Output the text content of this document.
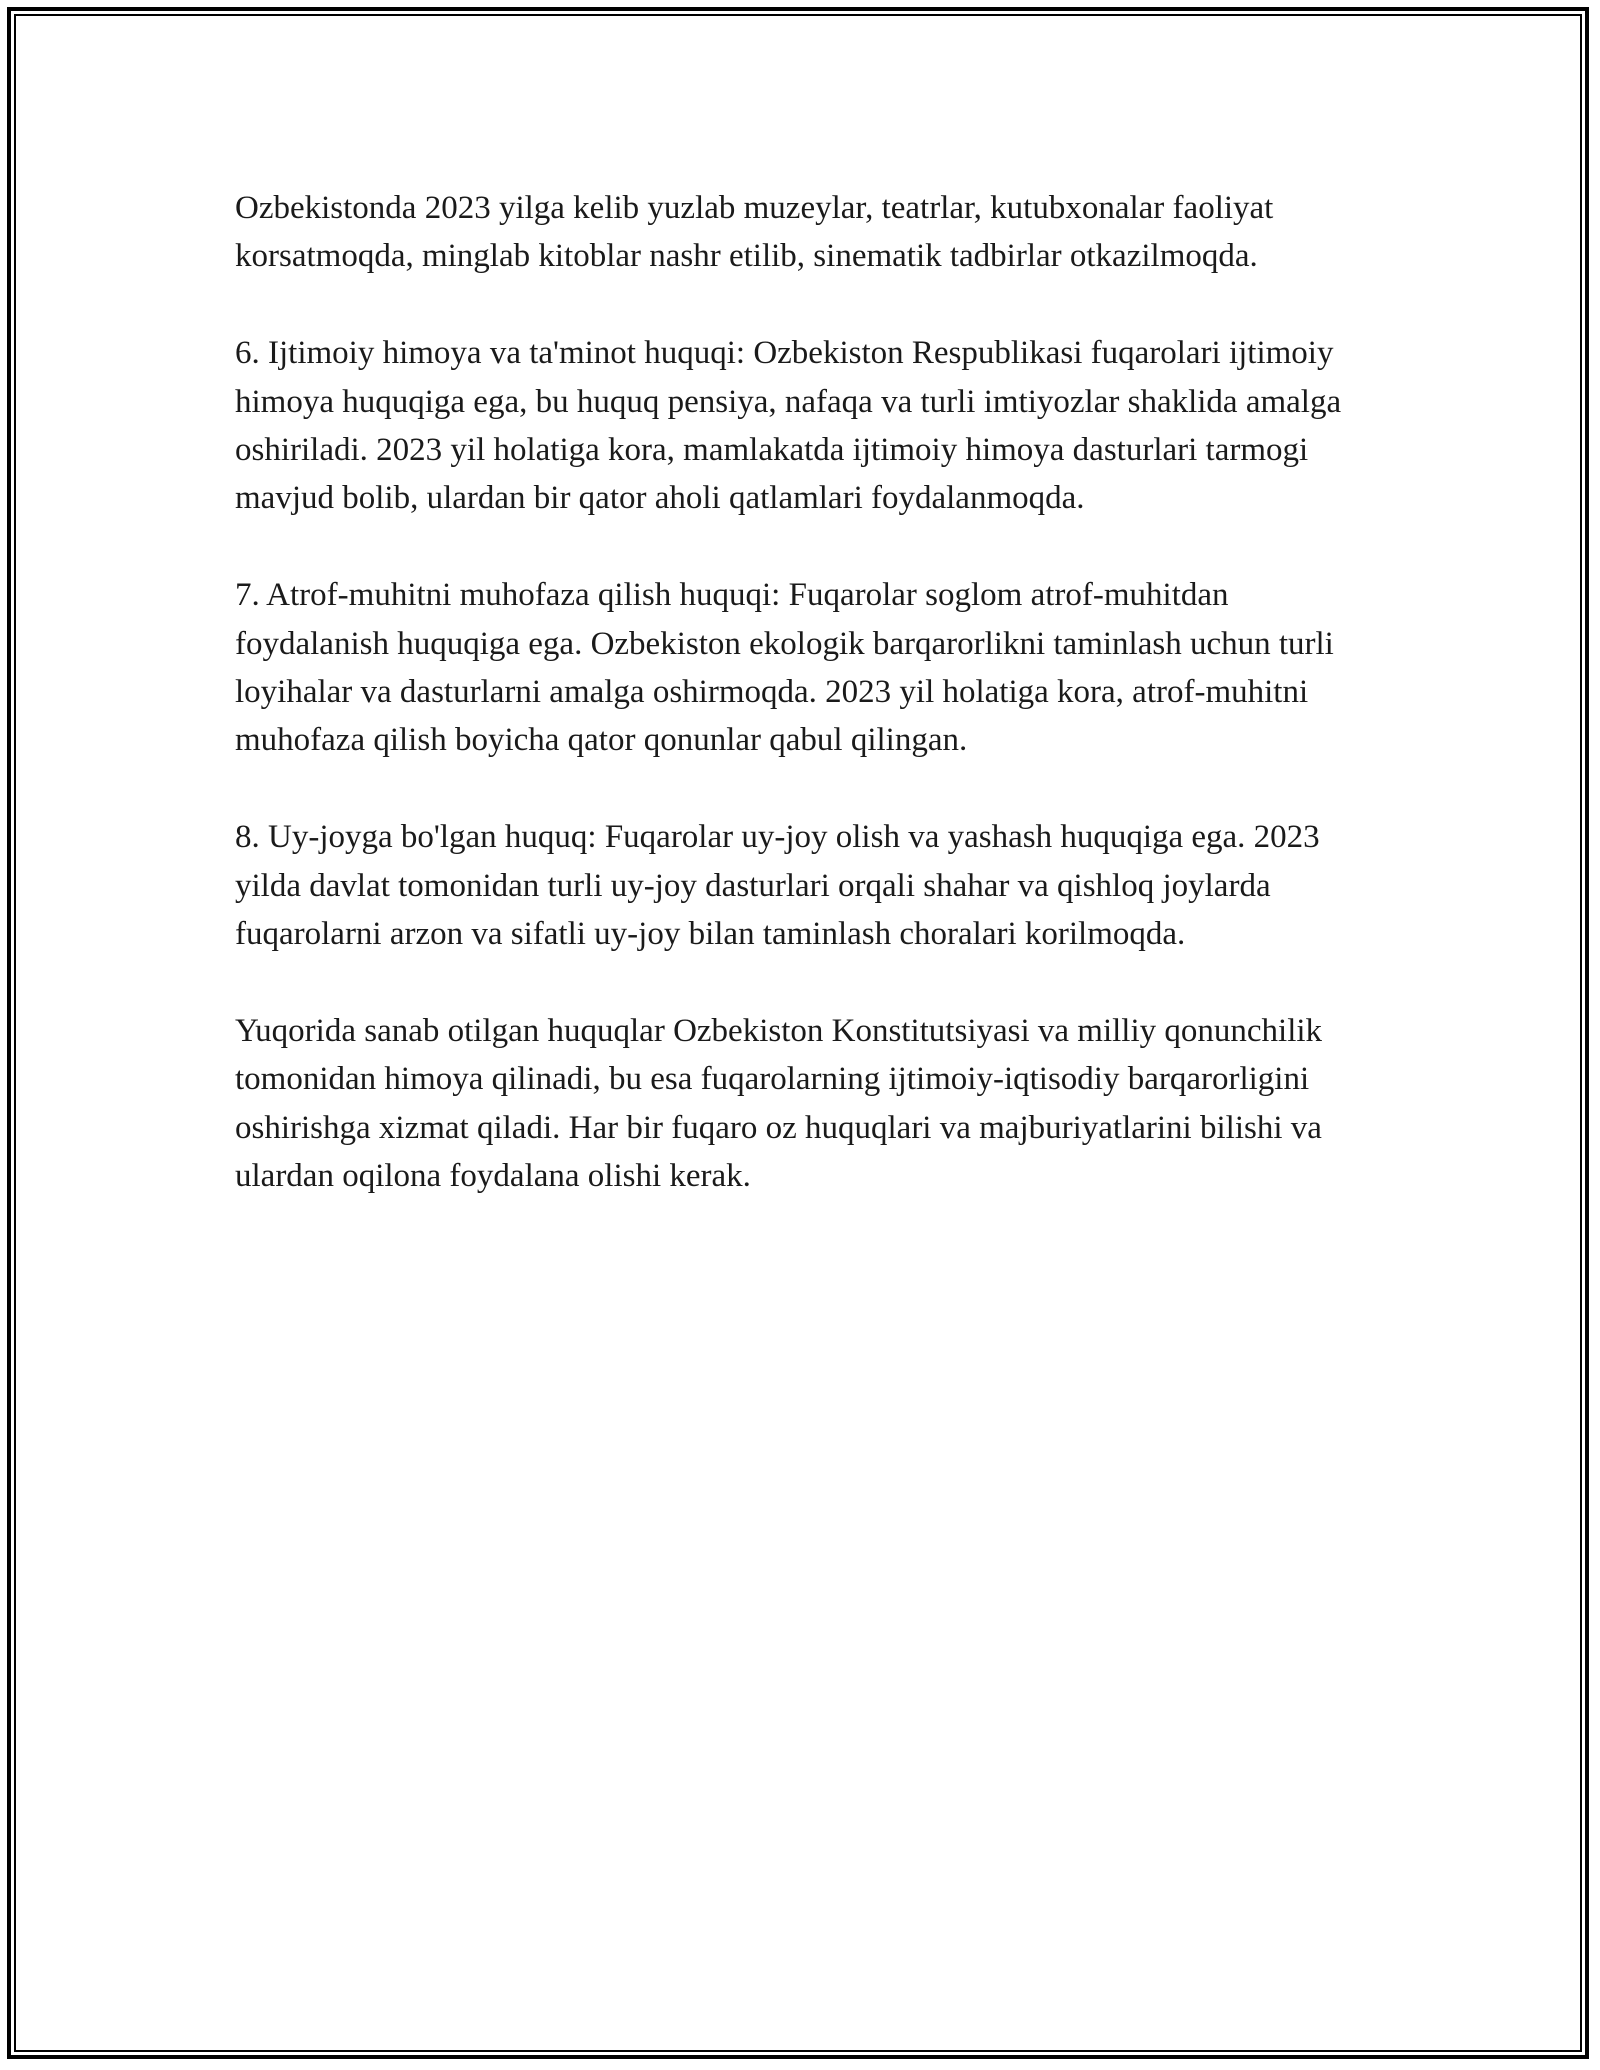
Ozbekistonda 2023 yilga kelib yuzlab muzeylar, teatrlar, kutubxonalar faoliyat korsatmoqda, minglab kitoblar nashr etilib, sinematik tadbirlar otkazilmoqda.

6. Ijtimoiy himoya va ta'minot huquqi: Ozbekiston Respublikasi fuqarolari ijtimoiy himoya huquqiga ega, bu huquq pensiya, nafaqa va turli imtiyozlar shaklida amalga oshiriladi. 2023 yil holatiga kora, mamlakatda ijtimoiy himoya dasturlari tarmogi mavjud bolib, ulardan bir qator aholi qatlamlari foydalanmoqda.

7. Atrof-muhitni muhofaza qilish huquqi: Fuqarolar soglom atrof-muhitdan foydalanish huquqiga ega. Ozbekiston ekologik barqarorlikni taminlash uchun turli loyihalar va dasturlarni amalga oshirmoqda. 2023 yil holatiga kora, atrof-muhitni muhofaza qilish boyicha qator qonunlar qabul qilingan.

8. Uy-joyga bo'lgan huquq: Fuqarolar uy-joy olish va yashash huquqiga ega. 2023 yilda davlat tomonidan turli uy-joy dasturlari orqali shahar va qishloq joylarda fuqarolarni arzon va sifatli uy-joy bilan taminlash choralari korilmoqda.

Yuqorida sanab otilgan huquqlar Ozbekiston Konstitutsiyasi va milliy qonunchilik tomonidan himoya qilinadi, bu esa fuqarolarning ijtimoiy-iqtisodiy barqarorligini oshirishga xizmat qiladi. Har bir fuqaro oz huquqlari va majburiyatlarini bilishi va ulardan oqilona foydalana olishi kerak.
